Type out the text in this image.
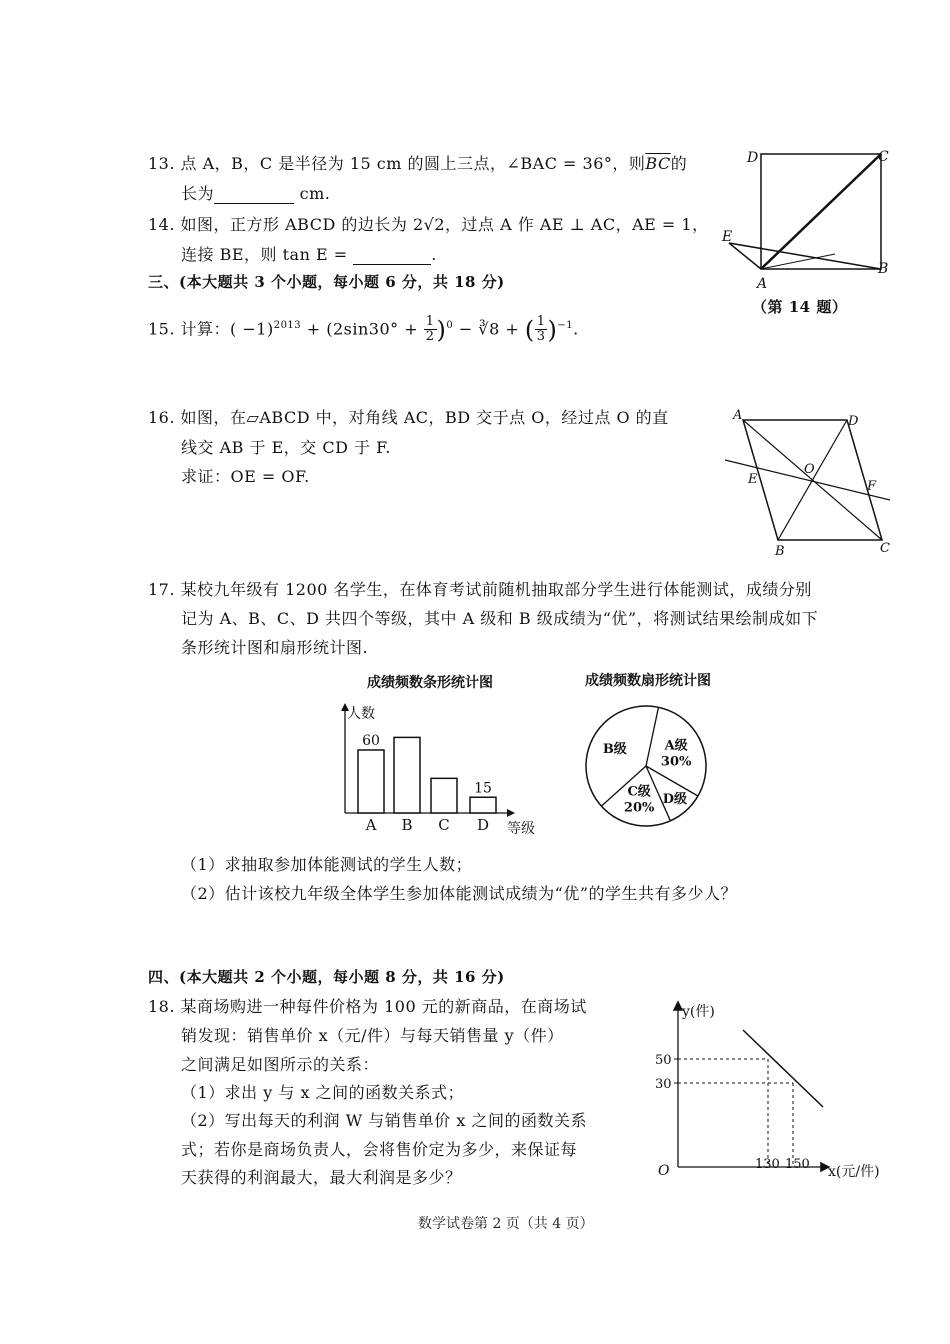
13. 点 A，B，C 是半径为 15 cm 的圆上三点，∠BAC = 36°，则$\overline{BC}$的
长为	cm.
14. 如图，正方形 ABCD 的边长为 2√2，过点 A 作 AE ⊥ AC，AE = 1，
连接 BE，则 tan E =	.
D	C
E
A
B
（第 14 题）
三、(本大题共 3 个小题，每小题 6 分，共 18 分)
15. 计算：( $-1)^{2013} + (2\sin 30^\circ + \frac{1}{2} )^0$ − ∛8 + ( $\frac{1}{3} )^{-1}$.
16. 如图，在▱ABCD 中，对角线 AC，BD 交于点 O，经过点 O 的直
线交 AB 于 E，交 CD 于 F.
求证：OE = OF.
A	D
O
E	F
B	C
17. 某校九年级有 1200 名学生，在体育考试前随机抽取部分学生进行体能测试，成绩分别
记为 A、B、C、D 共四个等级，其中 A 级和 B 级成绩为“优”，将测试结果绘制成如下
条形统计图和扇形统计图.
成绩频数条形统计图	成绩频数扇形统计图
人数
等级
A
60
B C D
15
A级
30%
D级
C级
20%
B级
（1）求抽取参加体能测试的学生人数；
（2）估计该校九年级全体学生参加体能测试成绩为“优”的学生共有多少人？
四、(本大题共 2 个小题，每小题 8 分，共 16 分)
18. 某商场购进一种每件价格为 100 元的新商品，在商场试
销发现：销售单价 x（元/件）与每天销售量 y（件）
之间满足如图所示的关系：
（1）求出 y 与 x 之间的函数关系式；
（2）写出每天的利润 W 与销售单价 x 之间的函数关系
式；若你是商场负责人，会将售价定为多少，来保证每
天获得的利润最大，最大利润是多少？
y(件)
x(元/件)
O
50
30
130 150
数学试卷第 2 页（共 4 页）
